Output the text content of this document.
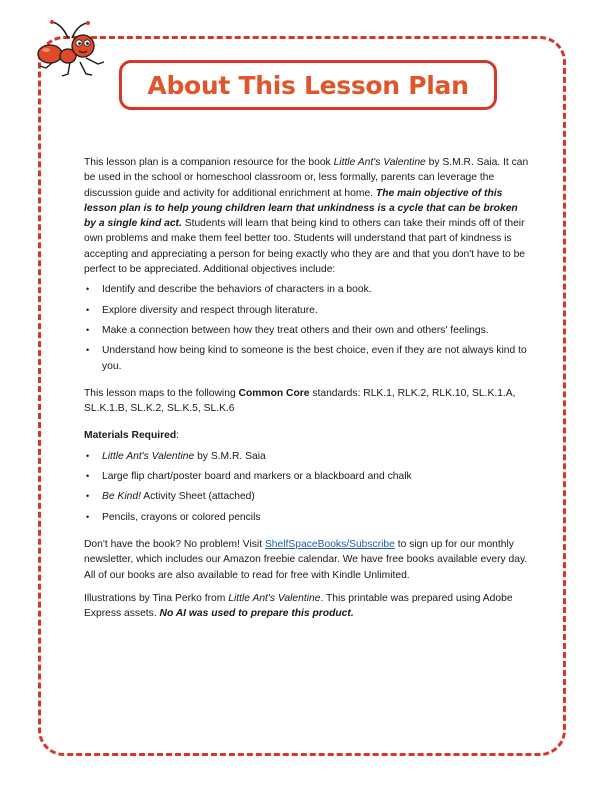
About This Lesson Plan

This lesson plan is a companion resource for the book Little Ant's Valentine by S.M.R. Saia. It can be used in the school or homeschool classroom or, less formally, parents can leverage the discussion guide and activity for additional enrichment at home. The main objective of this lesson plan is to help young children learn that unkindness is a cycle that can be broken by a single kind act. Students will learn that being kind to others can take their minds off of their own problems and make them feel better too. Students will understand that part of kindness is accepting and appreciating a person for being exactly who they are and that you don't have to be perfect to be appreciated. Additional objectives include:

• Identify and describe the behaviors of characters in a book.
• Explore diversity and respect through literature.
• Make a connection between how they treat others and their own and others' feelings.
• Understand how being kind to someone is the best choice, even if they are not always kind to you.

This lesson maps to the following Common Core standards: RLK.1, RLK.2, RLK.10, SL.K.1.A, SL.K.1.B, SL.K.2, SL.K.5, SL.K.6

Materials Required:

• Little Ant's Valentine by S.M.R. Saia
• Large flip chart/poster board and markers or a blackboard and chalk
• Be Kind! Activity Sheet (attached)
• Pencils, crayons or colored pencils

Don't have the book? No problem! Visit ShelfSpaceBooks/Subscribe to sign up for our monthly newsletter, which includes our Amazon freebie calendar. We have free books available every day. All of our books are also available to read for free with Kindle Unlimited.

Illustrations by Tina Perko from Little Ant's Valentine. This printable was prepared using Adobe Express assets. No AI was used to prepare this product.
